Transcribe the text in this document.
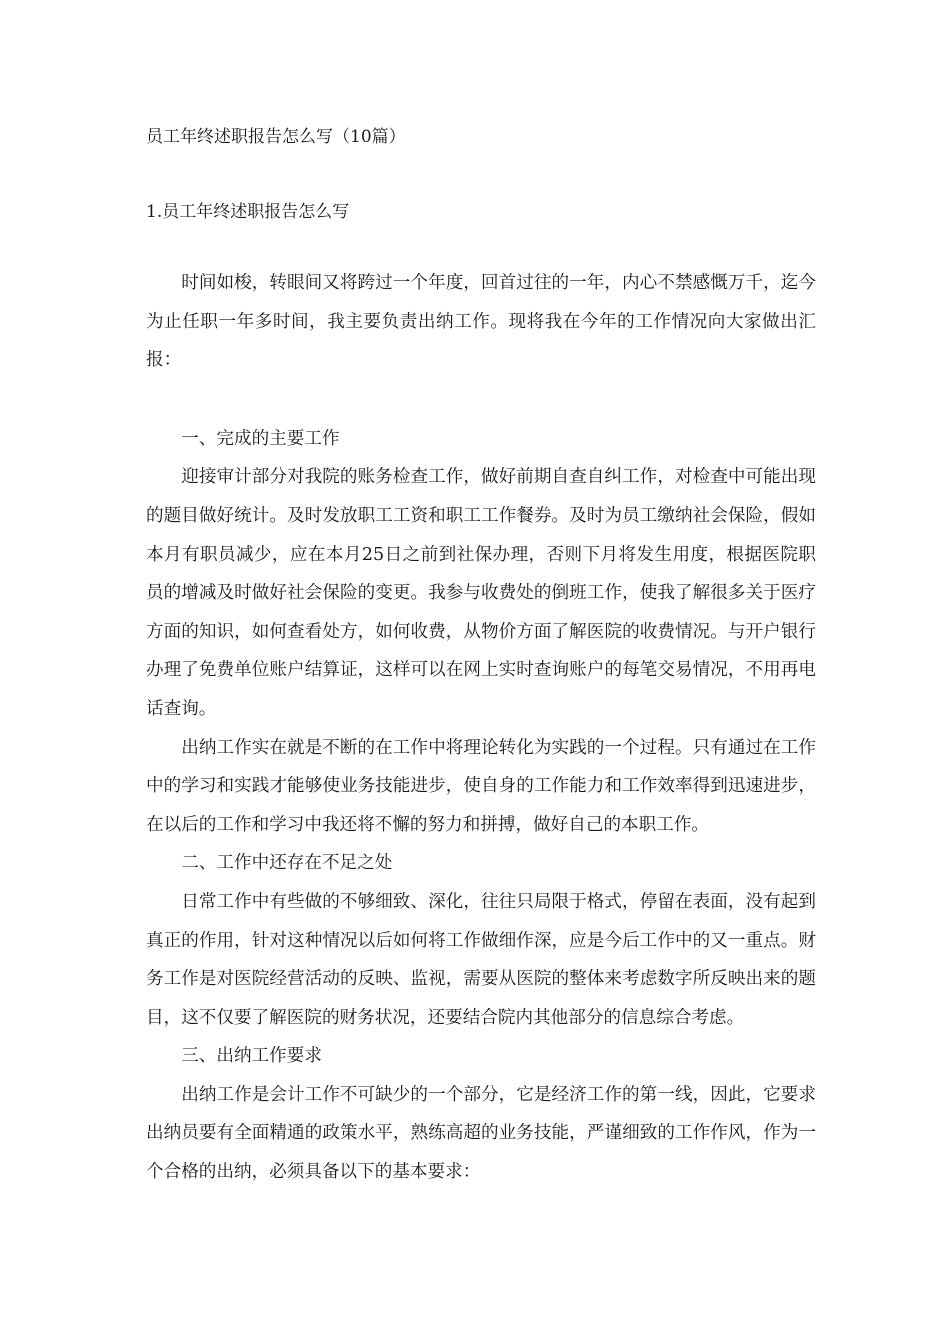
员工年终述职报告怎么写（10篇）
1.员工年终述职报告怎么写

时间如梭，转眼间又将跨过一个年度，回首过往的一年，内心不禁感慨万千，迄今为止任职一年多时间，我主要负责出纳工作。现将我在今年的工作情况向大家做出汇报：

一、完成的主要工作

迎接审计部分对我院的账务检查工作，做好前期自查自纠工作，对检查中可能出现的题目做好统计。及时发放职工工资和职工工作餐券。及时为员工缴纳社会保险，假如本月有职员减少，应在本月25日之前到社保办理，否则下月将发生用度，根据医院职员的增减及时做好社会保险的变更。我参与收费处的倒班工作，使我了解很多关于医疗方面的知识，如何查看处方，如何收费，从物价方面了解医院的收费情况。与开户银行办理了免费单位账户结算证，这样可以在网上实时查询账户的每笔交易情况，不用再电话查询。

出纳工作实在就是不断的在工作中将理论转化为实践的一个过程。只有通过在工作中的学习和实践才能够使业务技能进步，使自身的工作能力和工作效率得到迅速进步，在以后的工作和学习中我还将不懈的努力和拼搏，做好自己的本职工作。

二、工作中还存在不足之处

日常工作中有些做的不够细致、深化，往往只局限于格式，停留在表面，没有起到真正的作用，针对这种情况以后如何将工作做细作深，应是今后工作中的又一重点。财务工作是对医院经营活动的反映、监视，需要从医院的整体来考虑数字所反映出来的题目，这不仅要了解医院的财务状况，还要结合院内其他部分的信息综合考虑。

三、出纳工作要求

出纳工作是会计工作不可缺少的一个部分，它是经济工作的第一线，因此，它要求出纳员要有全面精通的政策水平，熟练高超的业务技能，严谨细致的工作作风，作为一个合格的出纳，必须具备以下的基本要求：
